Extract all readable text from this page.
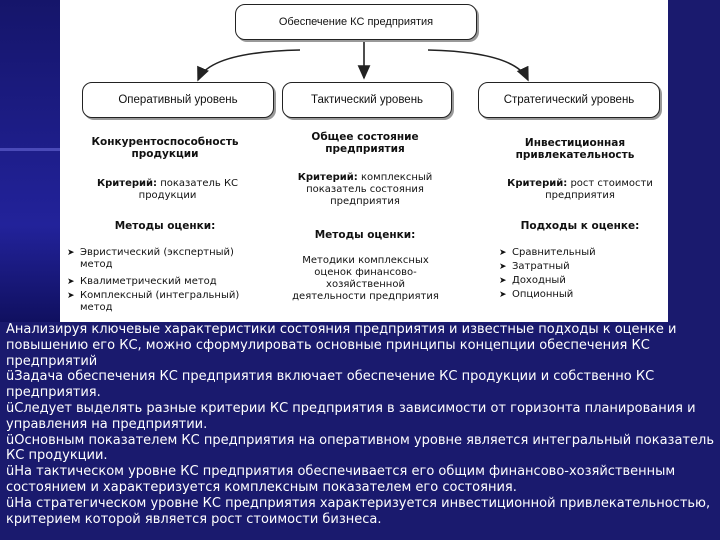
Обеспечение КС предприятия
Оперативный уровень	Тактический уровень	Стратегический уровень
Конкурентоспособность продукции
Критерий: показатель КС продукции
Методы оценки:
➤ Эвристический (экспертный) метод
➤ Квалиметрический метод
➤ Комплексный (интегральный) метод
Общее состояние предприятия
Критерий: комплексный показатель состояния предприятия
Методы оценки:
Методики комплексных оценок финансово-хозяйственной деятельности предприятия
Инвестиционная привлекательность
Критерий: рост стоимости предприятия
Подходы к оценке:
➤ Сравнительный
➤ Затратный
➤ Доходный
➤ Опционный

Анализируя ключевые характеристики состояния предприятия и известные подходы к оценке и повышению его КС, можно сформулировать основные принципы концепции обеспечения КС предприятий

üЗадача обеспечения КС предприятия включает обеспечение КС продукции и собственно КС предприятия.

üСледует выделять разные критерии КС предприятия в зависимости от горизонта планирования и управления на предприятии.

üОсновным показателем КС предприятия на оперативном уровне является интегральный показатель КС продукции.

üНа тактическом уровне КС предприятия обеспечивается его общим финансово-хозяйственным состоянием и характеризуется комплексным показателем его состояния.

üНа стратегическом уровне КС предприятия характеризуется инвестиционной привлекательностью, критерием которой является рост стоимости бизнеса.
